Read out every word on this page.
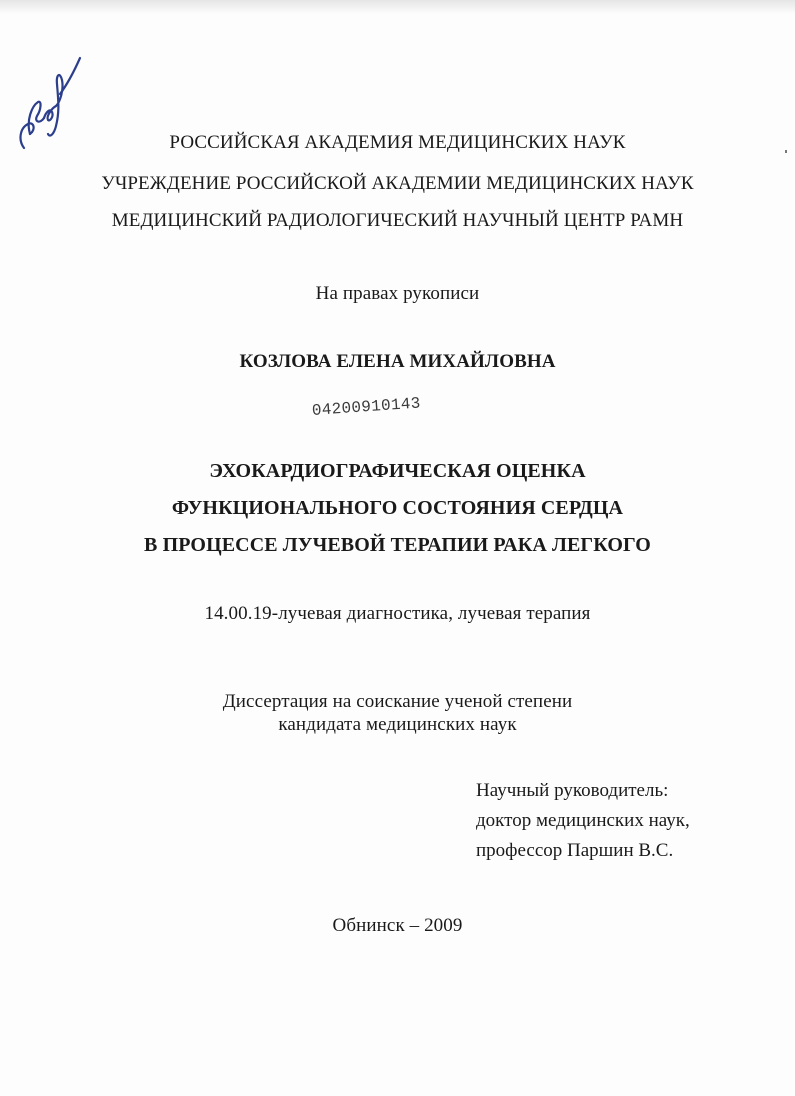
РОССИЙСКАЯ АКАДЕМИЯ МЕДИЦИНСКИХ НАУК
УЧРЕЖДЕНИЕ РОССИЙСКОЙ АКАДЕМИИ МЕДИЦИНСКИХ НАУК
МЕДИЦИНСКИЙ РАДИОЛОГИЧЕСКИЙ НАУЧНЫЙ ЦЕНТР РАМН
На правах рукописи
КОЗЛОВА ЕЛЕНА МИХАЙЛОВНА
04200910143
ЭХОКАРДИОГРАФИЧЕСКАЯ ОЦЕНКА
ФУНКЦИОНАЛЬНОГО СОСТОЯНИЯ СЕРДЦА
В ПРОЦЕССЕ ЛУЧЕВОЙ ТЕРАПИИ РАКА ЛЕГКОГО
14.00.19-лучевая диагностика, лучевая терапия
Диссертация на соискание ученой степени
кандидата медицинских наук
Научный руководитель:
доктор медицинских наук,
профессор Паршин В.С.
Обнинск – 2009
